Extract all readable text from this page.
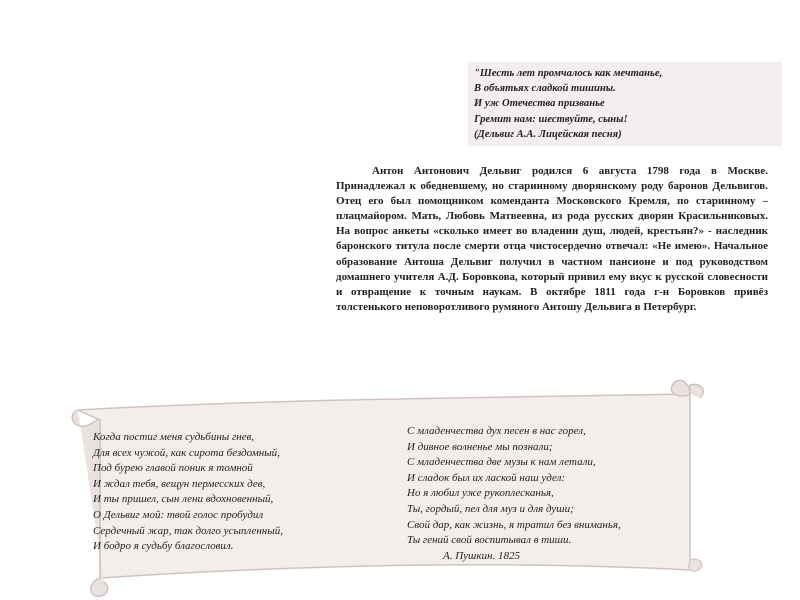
"Шесть лет промчалось как мечтанье,
В объятьях сладкой тишины.
И уж Отечества призванье
Гремит нам: шествуйте, сыны!
(Дельвиг А.А. Лицейская песня)
Антон Антонович Дельвиг родился 6 августа 1798 года в Москве. Принадлежал к обедневшему, но старинному дворянскому роду баронов Дельвигов. Отец его был помощником коменданта Московского Кремля, по старинному – плацмайором. Мать, Любовь Матвеевна, из рода русских дворян Красильниковых. На вопрос анкеты «сколько имеет во владении душ, людей, крестьян?» - наследник баронского титула после смерти отца чистосердечно отвечал: «Не имею». Начальное образование Антоша Дельвиг получил в частном пансионе и под руководством домашнего учителя А.Д. Боровкова, который привил ему вкус к русской словесности и отвращение к точным наукам. В октябре 1811 года г-н Боровков привёз толстенького неповоротливого румяного Антошу Дельвига в Петербург.
Когда постиг меня судьбины гнев,
Для всех чужой, как сирота бездомный,
Под бурею главой поник я томной
И ждал тебя, вещун пермесских дев,
И ты пришел, сын лени вдохновенный,
О Дельвиг мой: твой голос пробудил
Сердечный жар, так долго усыпленный,
И бодро я судьбу благословил.
С младенчества дух песен в нас горел,
И дивное волненье мы познали;
С младенчества две музы к нам летали,
И сладок был их лаской наш удел:
Но я любил уже рукоплесканья,
Ты, гордый, пел для муз и для души;
Свой дар, как жизнь, я тратил без вниманья,
Ты гений свой воспитывал в тиши.
А. Пушкин. 1825
